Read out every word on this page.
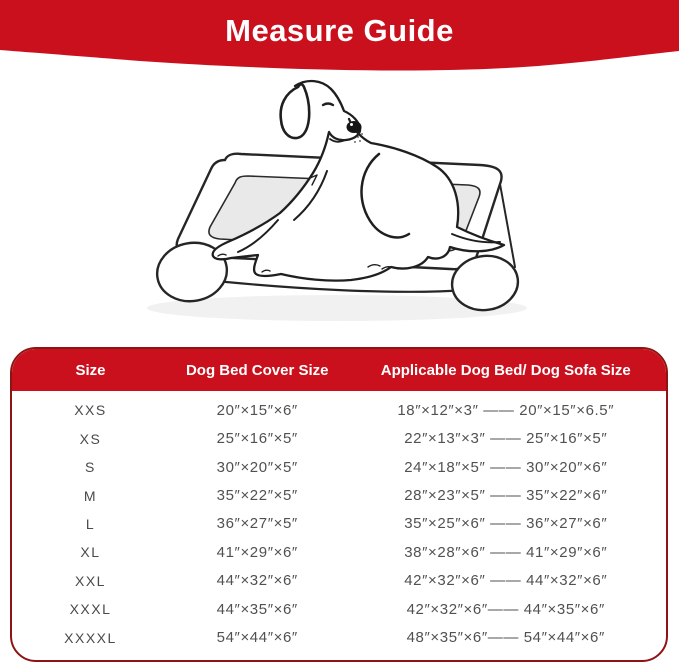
Measure Guide
Size	Dog Bed Cover Size	Applicable Dog Bed/ Dog Sofa Size
XXS	20″×15″×6″	18″×12″×3″ —— 20″×15″×6.5″
XS	25″×16″×5″	22″×13″×3″ —— 25″×16″×5″
S	30″×20″×5″	24″×18″×5″ —— 30″×20″×6″
M	35″×22″×5″	28″×23″×5″ —— 35″×22″×6″
L	36″×27″×5″	35″×25″×6″ —— 36″×27″×6″
XL	41″×29″×6″	38″×28″×6″ —— 41″×29″×6″
XXL	44″×32″×6″	42″×32″×6″ —— 44″×32″×6″
XXXL	44″×35″×6″	42″×32″×6″—— 44″×35″×6″
XXXXL	54″×44″×6″	48″×35″×6″—— 54″×44″×6″
